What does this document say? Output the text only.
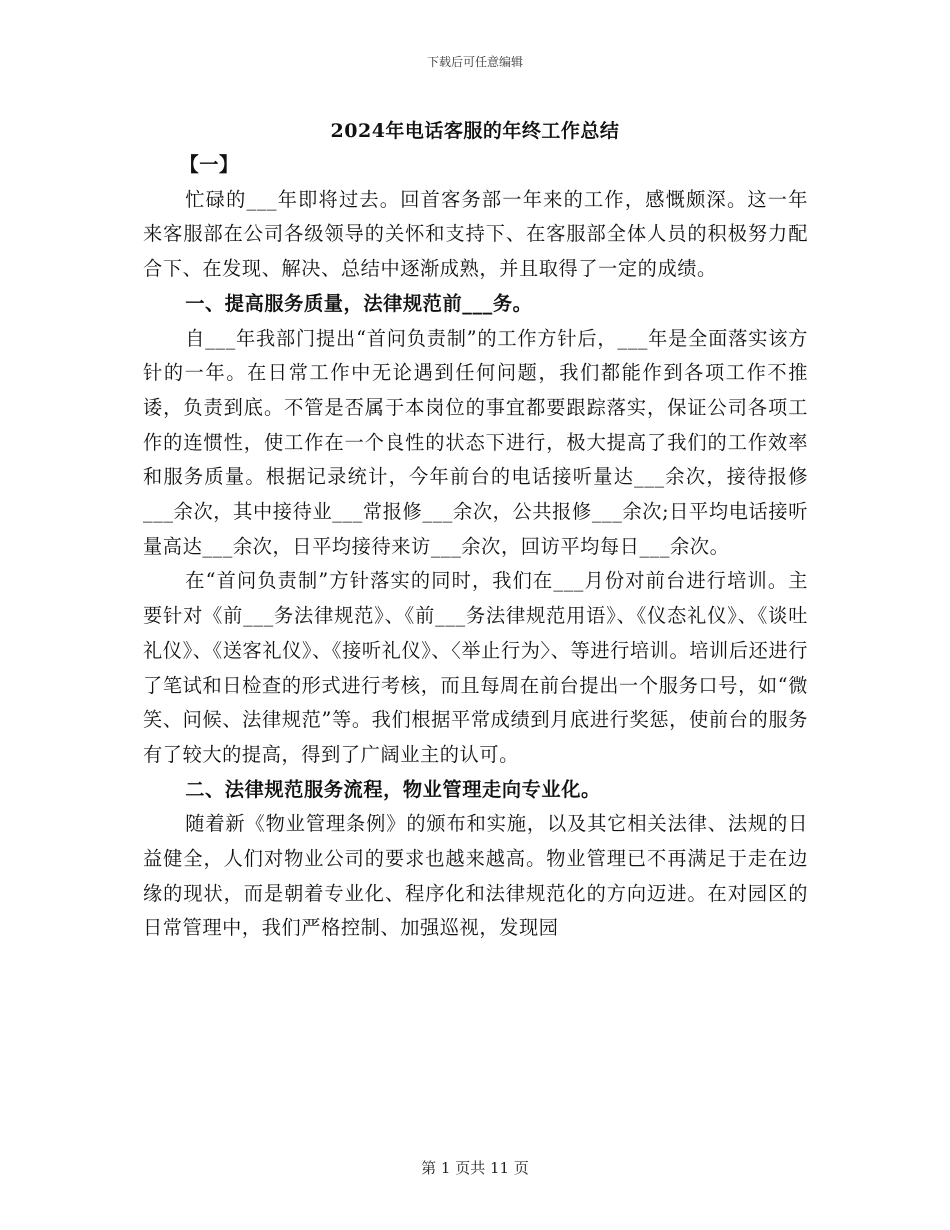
下载后可任意编辑
2024年电话客服的年终工作总结

【一】

忙碌的___年即将过去。回首客务部一年来的工作，感慨颇深。这一年来客服部在公司各级领导的关怀和支持下、在客服部全体人员的积极努力配合下、在发现、解决、总结中逐渐成熟，并且取得了一定的成绩。

一、提高服务质量，法律规范前___务。

自___年我部门提出“首问负责制”的工作方针后，___年是全面落实该方针的一年。在日常工作中无论遇到任何问题，我们都能作到各项工作不推诿，负责到底。不管是否属于本岗位的事宜都要跟踪落实，保证公司各项工作的连惯性，使工作在一个良性的状态下进行，极大提高了我们的工作效率和服务质量。根据记录统计，今年前台的电话接听量达___余次，接待报修___余次，其中接待业___常报修___余次，公共报修___余次;日平均电话接听量高达___余次，日平均接待来访___余次，回访平均每日___余次。

在“首问负责制”方针落实的同时，我们在___月份对前台进行培训。主要针对《前___务法律规范》、《前___务法律规范用语》、《仪态礼仪》、《谈吐礼仪》、《送客礼仪》、《接听礼仪》、〈举止行为〉、等进行培训。培训后还进行了笔试和日检查的形式进行考核，而且每周在前台提出一个服务口号，如“微笑、问候、法律规范”等。我们根据平常成绩到月底进行奖惩，使前台的服务有了较大的提高，得到了广阔业主的认可。

二、法律规范服务流程，物业管理走向专业化。

随着新《物业管理条例》的颁布和实施，以及其它相关法律、法规的日益健全，人们对物业公司的要求也越来越高。物业管理已不再满足于走在边缘的现状，而是朝着专业化、程序化和法律规范化的方向迈进。在对园区的日常管理中，我们严格控制、加强巡视，发现园

第 1 页共 11 页
